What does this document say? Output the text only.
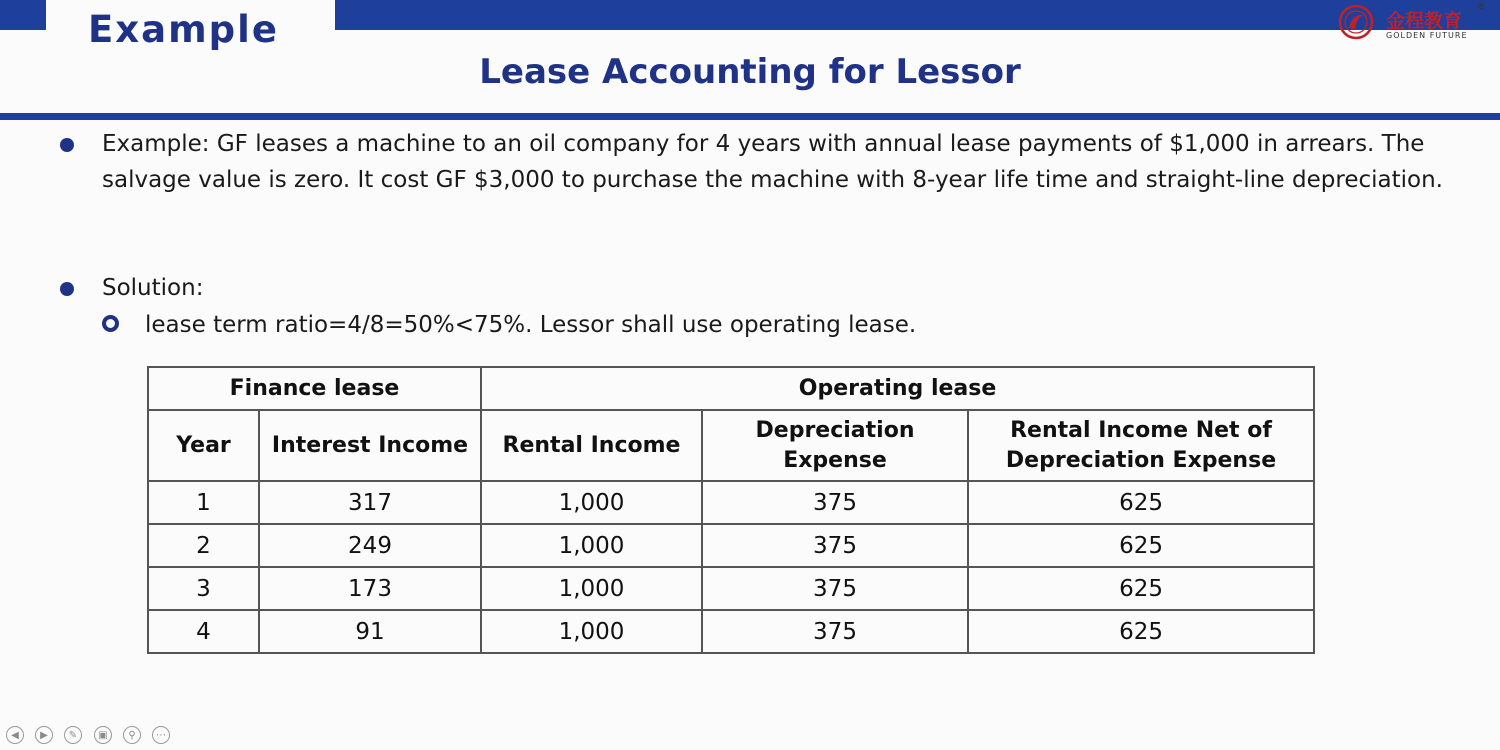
Example	金程教育
®
GOLDEN FUTURE
Lease Accounting for Lessor
Example: GF leases a machine to an oil company for 4 years with annual lease payments of $1,000 in arrears. The salvage value is zero. It cost GF $3,000 to purchase the machine with 8-year life time and straight-line depreciation.
Solution:
lease term ratio=4/8=50%<75%. Lessor shall use operating lease.
Finance lease		Operating lease		
Year	Interest Income	Rental Income	Depreciation Expense	Rental Income Net of Depreciation Expense
1	317	1,000	375	625
2	249	1,000	375	625
3	173	1,000	375	625
4	91	1,000	375	625
◀	▶	✎	▣	⚲	⋯
